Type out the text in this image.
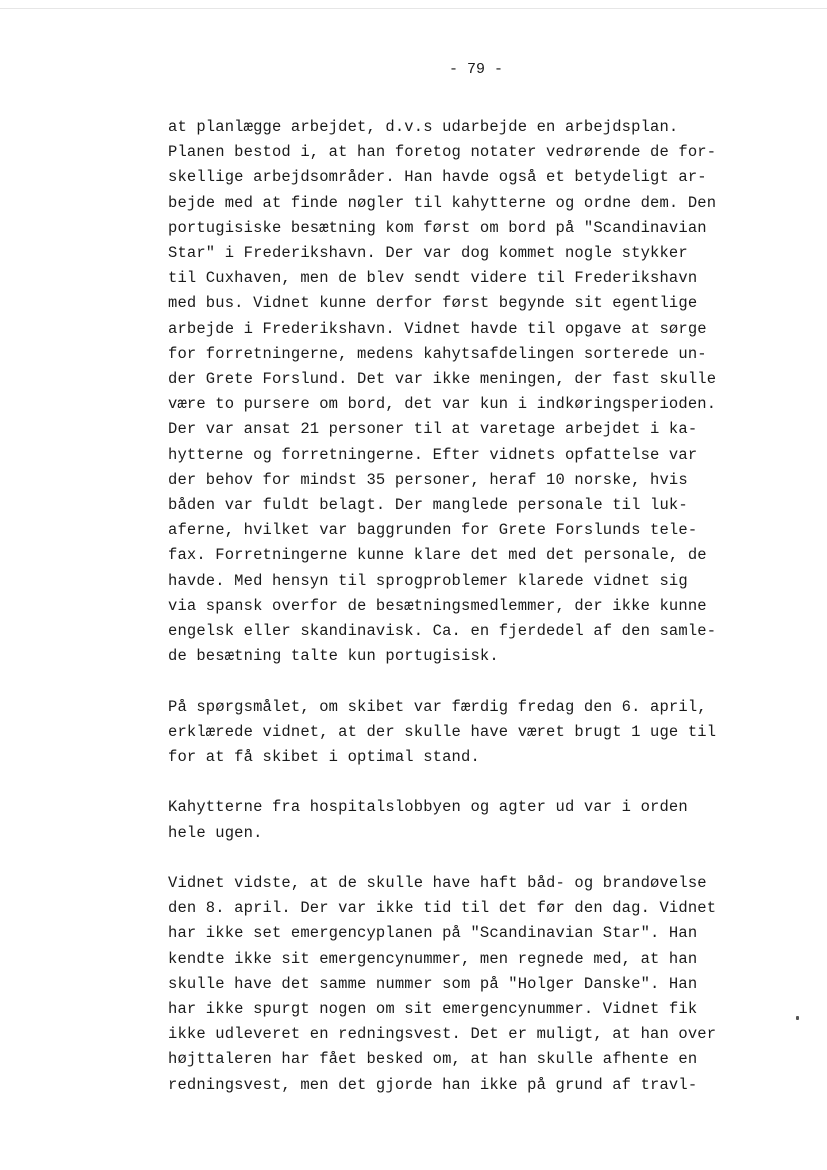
- 79 -
at planlægge arbejdet, d.v.s udarbejde en arbejdsplan.
Planen bestod i, at han foretog notater vedrørende de for-
skellige arbejdsområder. Han havde også et betydeligt ar-
bejde med at finde nøgler til kahytterne og ordne dem. Den
portugisiske besætning kom først om bord på "Scandinavian
Star" i Frederikshavn. Der var dog kommet nogle stykker
til Cuxhaven, men de blev sendt videre til Frederikshavn
med bus. Vidnet kunne derfor først begynde sit egentlige
arbejde i Frederikshavn. Vidnet havde til opgave at sørge
for forretningerne, medens kahytsafdelingen sorterede un-
der Grete Forslund. Det var ikke meningen, der fast skulle
være to pursere om bord, det var kun i indkøringsperioden.
Der var ansat 21 personer til at varetage arbejdet i ka-
hytterne og forretningerne. Efter vidnets opfattelse var
der behov for mindst 35 personer, heraf 10 norske, hvis
båden var fuldt belagt. Der manglede personale til luk-
aferne, hvilket var baggrunden for Grete Forslunds tele-
fax. Forretningerne kunne klare det med det personale, de
havde. Med hensyn til sprogproblemer klarede vidnet sig
via spansk overfor de besætningsmedlemmer, der ikke kunne
engelsk eller skandinavisk. Ca. en fjerdedel af den samle-
de besætning talte kun portugisisk.
På spørgsmålet, om skibet var færdig fredag den 6. april,
erklærede vidnet, at der skulle have været brugt 1 uge til
for at få skibet i optimal stand.
Kahytterne fra hospitalslobbyen og agter ud var i orden
hele ugen.
Vidnet vidste, at de skulle have haft båd- og brandøvelse
den 8. april. Der var ikke tid til det før den dag. Vidnet
har ikke set emergencyplanen på "Scandinavian Star". Han
kendte ikke sit emergencynummer, men regnede med, at han
skulle have det samme nummer som på "Holger Danske". Han
har ikke spurgt nogen om sit emergencynummer. Vidnet fik
ikke udleveret en redningsvest. Det er muligt, at han over
højttaleren har fået besked om, at han skulle afhente en
redningsvest, men det gjorde han ikke på grund af travl-
